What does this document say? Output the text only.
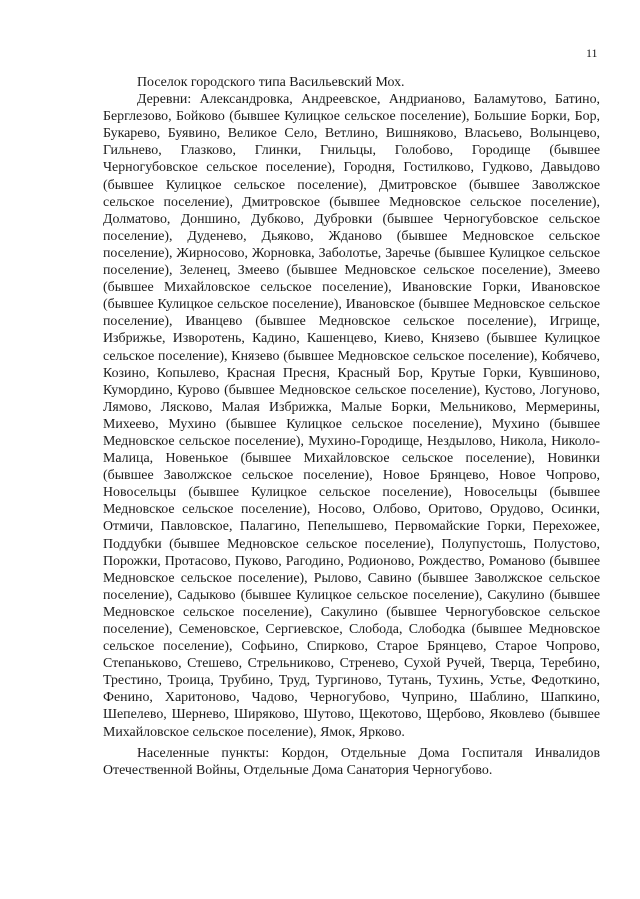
11

Поселок городского типа Васильевский Мох.

Деревни: Александровка, Андреевское, Андрианово, Баламутово, Батино, Берглезово, Бойково (бывшее Кулицкое сельское поселение), Большие Борки, Бор, Букарево, Буявино, Великое Село, Ветлино, Вишняково, Власьево, Волынцево, Гильнево, Глазково, Глинки, Гнильцы, Голобово, Городище (бывшее Черногубовское сельское поселение), Городня, Гостилково, Гудково, Давыдово (бывшее Кулицкое сельское поселение), Дмитровское (бывшее Заволжское сельское поселение), Дмитровское (бывшее Медновское сельское поселение), Долматово, Доншино, Дубково, Дубровки (бывшее Черногубовское сельское поселение), Дуденево, Дьяково, Жданово (бывшее Медновское сельское поселение), Жирносово, Жорновка, Заболотье, Заречье (бывшее Кулицкое сельское поселение), Зеленец, Змеево (бывшее Медновское сельское поселение), Змеево (бывшее Михайловское сельское поселение), Ивановские Горки, Ивановское (бывшее Кулицкое сельское поселение), Ивановское (бывшее Медновское сельское поселение), Иванцево (бывшее Медновское сельское поселение), Игрище, Избрижье, Изворотень, Кадино, Кашенцево, Киево, Князево (бывшее Кулицкое сельское поселение), Князево (бывшее Медновское сельское поселение), Кобячево, Козино, Копылево, Красная Пресня, Красный Бор, Крутые Горки, Кувшиново, Кумордино, Курово (бывшее Медновское сельское поселение), Кустово, Логуново, Лямово, Лясково, Малая Избрижка, Малые Борки, Мельниково, Мермерины, Михеево, Мухино (бывшее Кулицкое сельское поселение), Мухино (бывшее Медновское сельское поселение), Мухино-Городище, Нездылово, Никола, Николо-Малица, Новенькое (бывшее Михайловское сельское поселение), Новинки (бывшее Заволжское сельское поселение), Новое Брянцево, Новое Чопрово, Новосельцы (бывшее Кулицкое сельское поселение), Новосельцы (бывшее Медновское сельское поселение), Носово, Олбово, Оритово, Орудово, Осинки, Отмичи, Павловское, Палагино, Пепелышево, Первомайские Горки, Перехожее, Поддубки (бывшее Медновское сельское поселение), Полупустошь, Полустово, Порожки, Протасово, Пуково, Рагодино, Родионово, Рождество, Романово (бывшее Медновское сельское поселение), Рылово, Савино (бывшее Заволжское сельское поселение), Садыково (бывшее Кулицкое сельское поселение), Сакулино (бывшее Медновское сельское поселение), Сакулино (бывшее Черногубовское сельское поселение), Семеновское, Сергиевское, Слобода, Слободка (бывшее Медновское сельское поселение), Софьино, Спирково, Старое Брянцево, Старое Чопрово, Степаньково, Стешево, Стрельниково, Стренево, Сухой Ручей, Тверца, Теребино, Трестино, Троица, Трубино, Труд, Тургиново, Тутань, Тухинь, Устье, Федоткино, Фенино, Харитоново, Чадово, Черногубово, Чуприно, Шаблино, Шапкино, Шепелево, Шернево, Ширяково, Шутово, Щекотово, Щербово, Яковлево (бывшее Михайловское сельское поселение), Ямок, Ярково.

Населенные пункты: Кордон, Отдельные Дома Госпиталя Инвалидов Отечественной Войны, Отдельные Дома Санатория Черногубово.
